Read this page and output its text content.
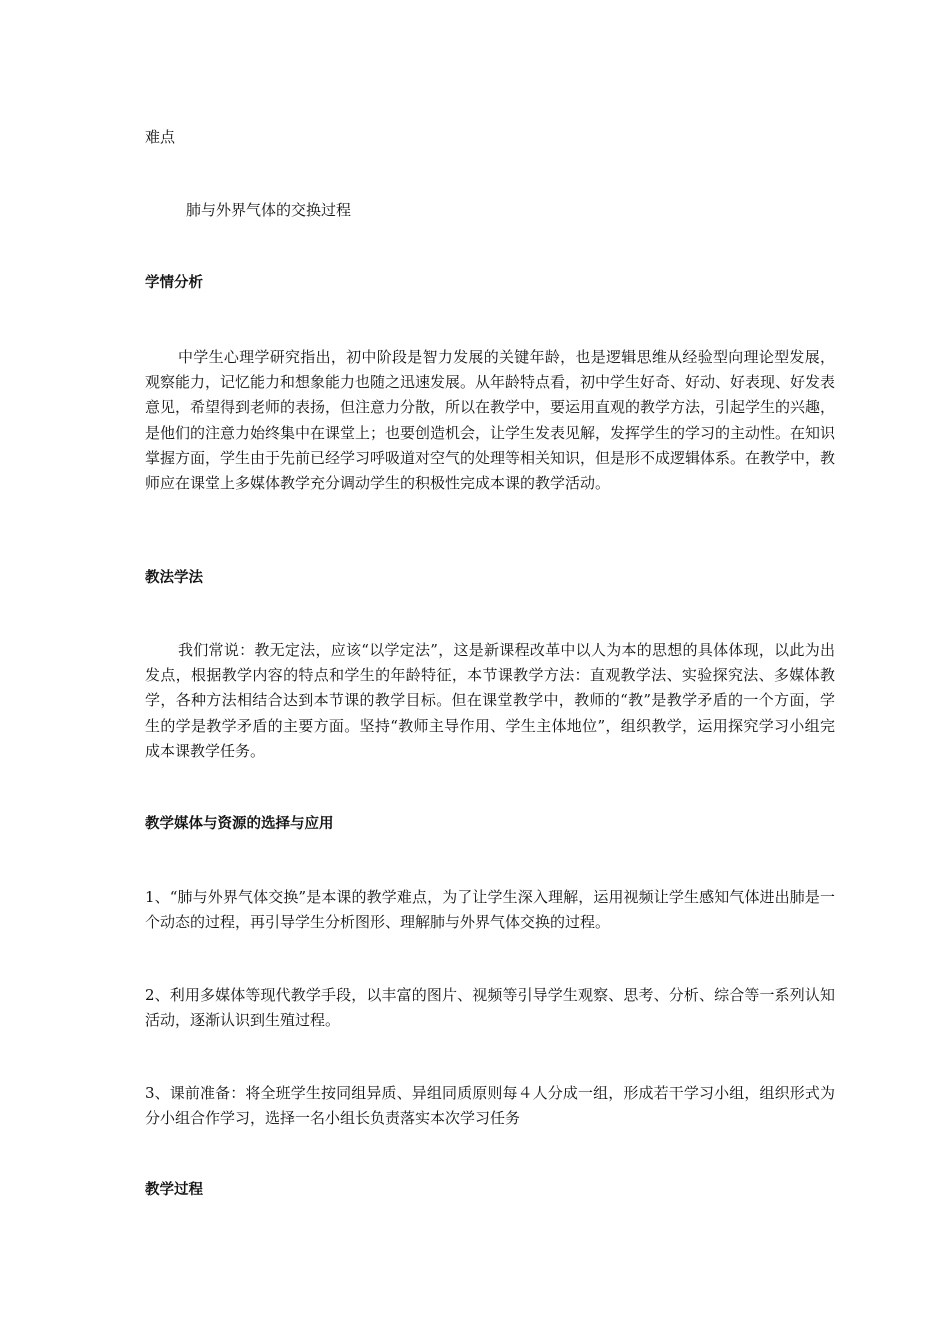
难点

肺与外界气体的交换过程

学情分析

中学生心理学研究指出，初中阶段是智力发展的关键年龄，也是逻辑思维从经验型向理论型发展，观察能力，记忆能力和想象能力也随之迅速发展。从年龄特点看，初中学生好奇、好动、好表现、好发表意见，希望得到老师的表扬，但注意力分散，所以在教学中，要运用直观的教学方法，引起学生的兴趣，是他们的注意力始终集中在课堂上；也要创造机会，让学生发表见解，发挥学生的学习的主动性。在知识掌握方面，学生由于先前已经学习呼吸道对空气的处理等相关知识，但是形不成逻辑体系。在教学中，教师应在课堂上多媒体教学充分调动学生的积极性完成本课的教学活动。

教法学法

我们常说：教无定法，应该“以学定法”，这是新课程改革中以人为本的思想的具体体现，以此为出发点，根据教学内容的特点和学生的年龄特征，本节课教学方法：直观教学法、实验探究法、多媒体教学，各种方法相结合达到本节课的教学目标。但在课堂教学中，教师的“教”是教学矛盾的一个方面，学生的学是教学矛盾的主要方面。坚持“教师主导作用、学生主体地位”，组织教学，运用探究学习小组完成本课教学任务。

教学媒体与资源的选择与应用

1、“肺与外界气体交换”是本课的教学难点，为了让学生深入理解，运用视频让学生感知气体进出肺是一个动态的过程，再引导学生分析图形、理解肺与外界气体交换的过程。

2、利用多媒体等现代教学手段，以丰富的图片、视频等引导学生观察、思考、分析、综合等一系列认知活动，逐渐认识到生殖过程。

3、课前准备：将全班学生按同组异质、异组同质原则每４人分成一组，形成若干学习小组，组织形式为分小组合作学习，选择一名小组长负责落实本次学习任务

教学过程
